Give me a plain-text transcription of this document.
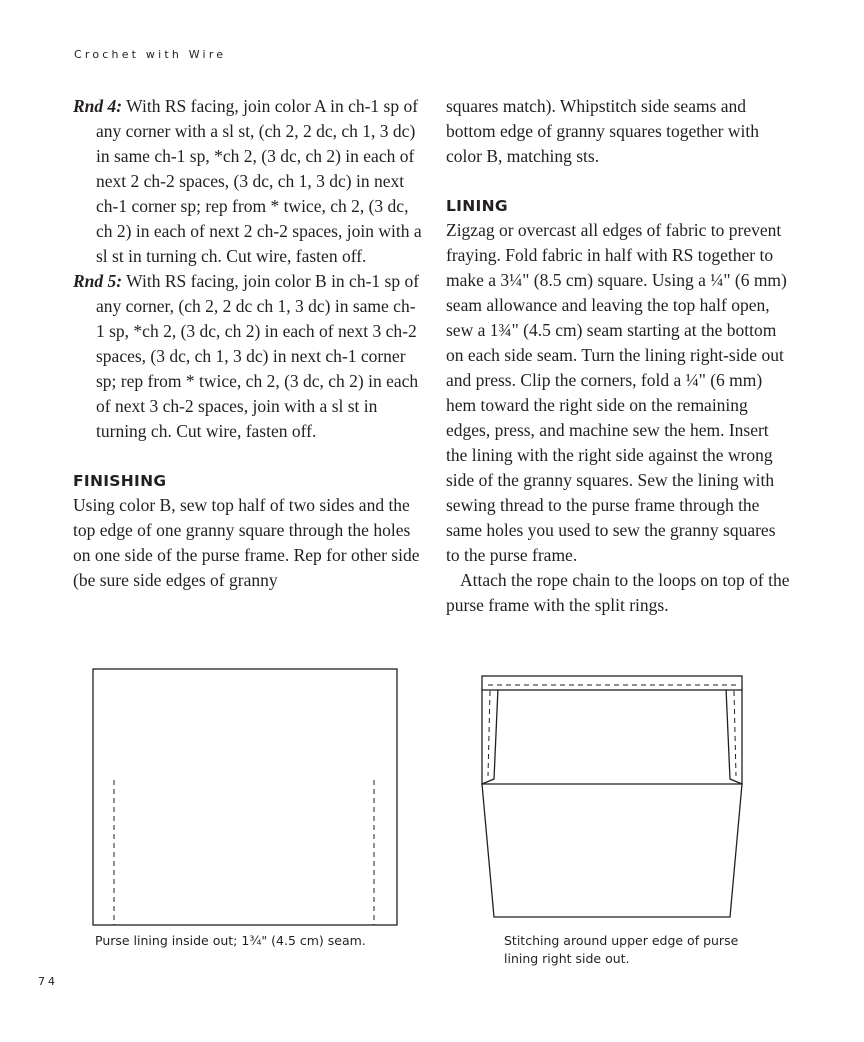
Crochet with Wire

Rnd 4: With RS facing, join color A in ch-1 sp of any corner with a sl st, (ch 2, 2 dc, ch 1, 3 dc) in same ch-1 sp, *ch 2, (3 dc, ch 2) in each of next 2 ch-2 spaces, (3 dc, ch 1, 3 dc) in next ch-1 corner sp; rep from * twice, ch 2, (3 dc, ch 2) in each of next 2 ch-2 spaces, join with a sl st in turning ch. Cut wire, fasten off.

Rnd 5: With RS facing, join color B in ch-1 sp of any corner, (ch 2, 2 dc ch 1, 3 dc) in same ch-1 sp, *ch 2, (3 dc, ch 2) in each of next 3 ch-2 spaces, (3 dc, ch 1, 3 dc) in next ch-1 corner sp; rep from * twice, ch 2, (3 dc, ch 2) in each of next 3 ch-2 spaces, join with a sl st in turning ch. Cut wire, fasten off.

FINISHING

Using color B, sew top half of two sides and the top edge of one granny square through the holes on one side of the purse frame. Rep for other side (be sure side edges of granny

squares match). Whipstitch side seams and bottom edge of granny squares together with color B, matching sts.

LINING

Zigzag or overcast all edges of fabric to prevent fraying. Fold fabric in half with RS together to make a 3¼" (8.5 cm) square. Using a ¼" (6 mm) seam allowance and leaving the top half open, sew a 1¾" (4.5 cm) seam starting at the bottom on each side seam. Turn the lining right-side out and press. Clip the corners, fold a ¼" (6 mm) hem toward the right side on the remaining edges, press, and machine sew the hem. Insert the lining with the right side against the wrong side of the granny squares. Sew the lining with sewing thread to the purse frame through the same holes you used to sew the granny squares to the purse frame.

Attach the rope chain to the loops on top of the purse frame with the split rings.

Purse lining inside out; 1¾" (4.5 cm) seam.	Stitching around upper edge of purse lining right side out.
74
